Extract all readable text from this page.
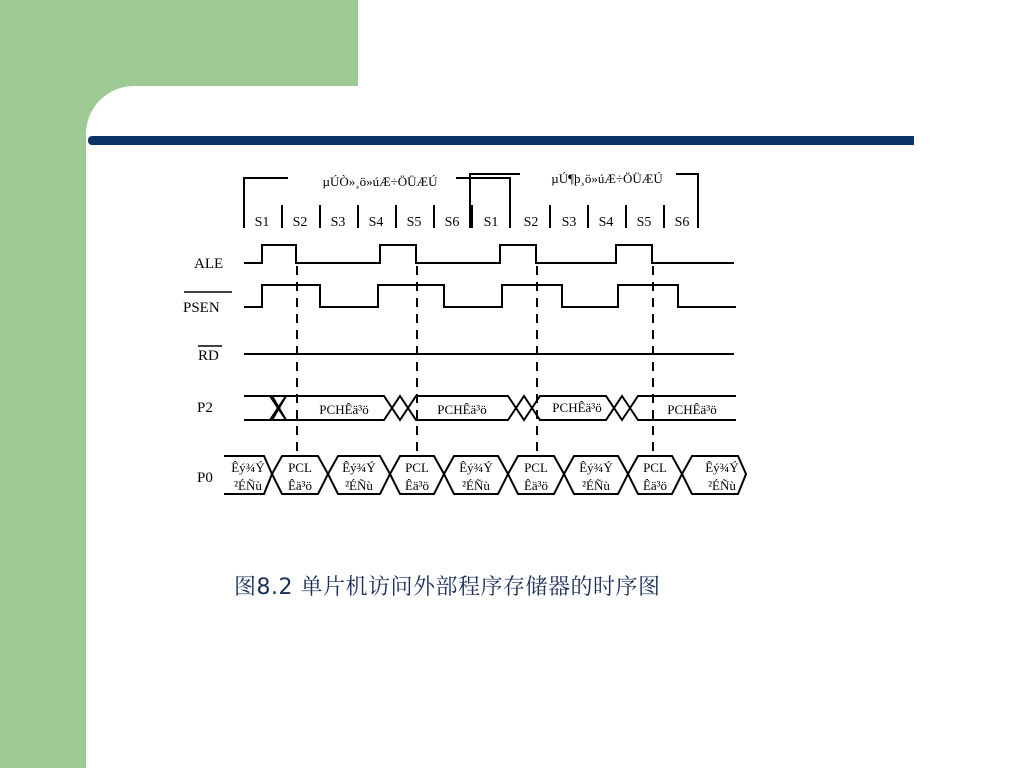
µÚÒ»¸ö»úÆ÷ÖÜÆÚ	µÚ¶þ¸ö»úÆ÷ÖÜÆÚ
ALE
PSEN
RD
P2
P0
PCHÊä³ö	PCHÊä³ö	PCHÊä³ö	PCHÊä³ö
S1 S2 S3 S4 S5 S6 S1 S2 S3 S4 S5 S6
Êý¾Ý
²ÉÑù
PCL
Êä³ö
Êý¾Ý
²ÉÑù
PCL
Êä³ö
Êý¾Ý
²ÉÑù
PCL
Êä³ö
Êý¾Ý
²ÉÑù
PCL
Êä³ö
Êý¾Ý
²ÉÑù
图8.2 单片机访问外部程序存储器的时序图
